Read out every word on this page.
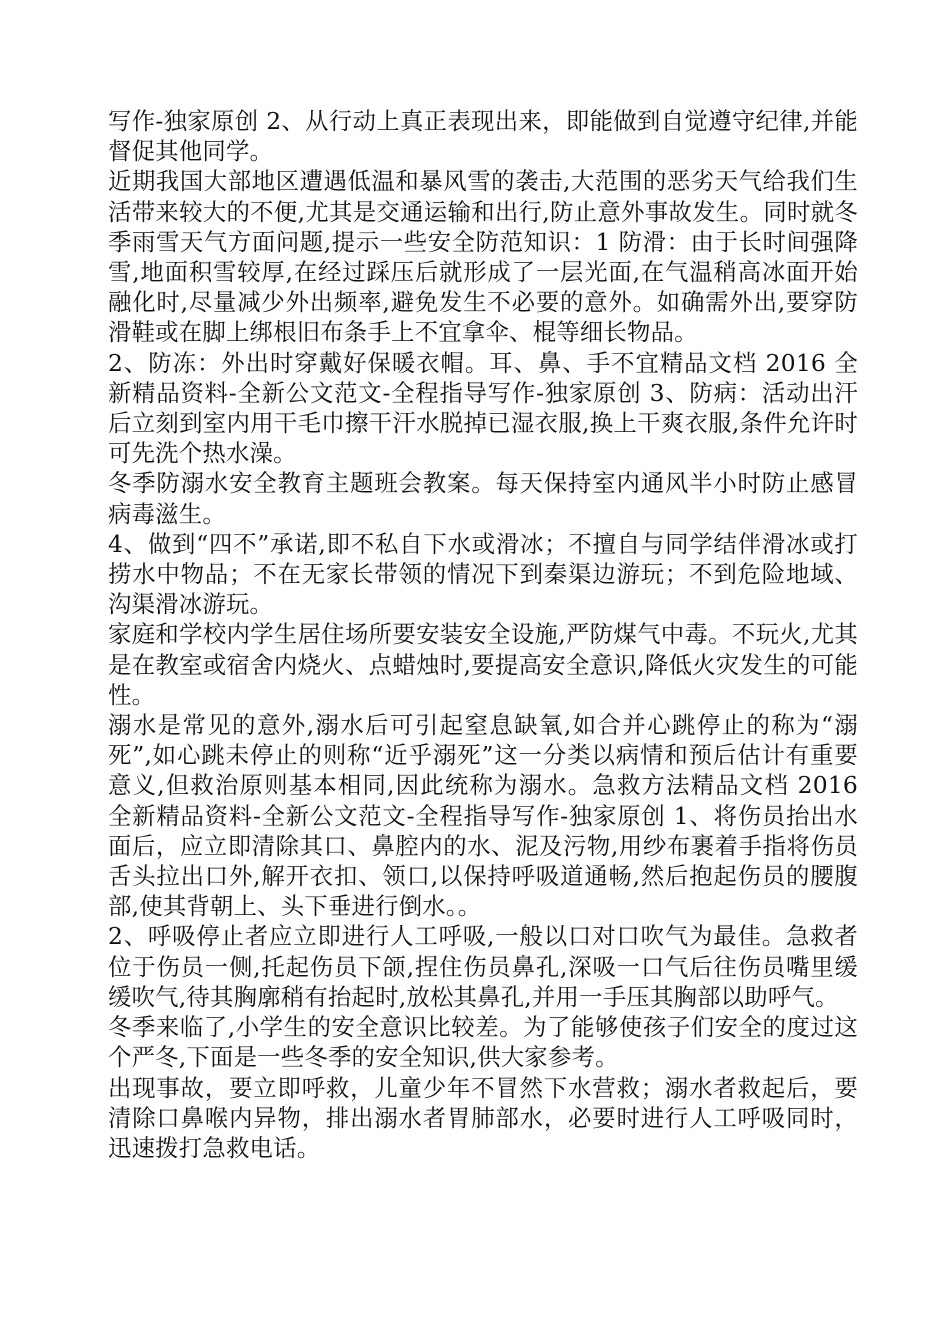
写作-独家原创 2、从行动上真正表现出来，即能做到自觉遵守纪律,并能督促其他同学。

近期我国大部地区遭遇低温和暴风雪的袭击,大范围的恶劣天气给我们生活带来较大的不便,尤其是交通运输和出行,防止意外事故发生。同时就冬季雨雪天气方面问题,提示一些安全防范知识：1 防滑：由于长时间强降雪,地面积雪较厚,在经过踩压后就形成了一层光面,在气温稍高冰面开始融化时,尽量减少外出频率,避免发生不必要的意外。如确需外出,要穿防滑鞋或在脚上绑根旧布条手上不宜拿伞、棍等细长物品。

2、防冻：外出时穿戴好保暖衣帽。耳、鼻、手不宜精品文档 2016 全新精品资料-全新公文范文-全程指导写作-独家原创 3、防病：活动出汗后立刻到室内用干毛巾擦干汗水脱掉已湿衣服,换上干爽衣服,条件允许时可先洗个热水澡。

冬季防溺水安全教育主题班会教案。每天保持室内通风半小时防止感冒病毒滋生。

4、做到“四不”承诺,即不私自下水或滑冰；不擅自与同学结伴滑冰或打捞水中物品；不在无家长带领的情况下到秦渠边游玩；不到危险地域、沟渠滑冰游玩。

家庭和学校内学生居住场所要安装安全设施,严防煤气中毒。不玩火,尤其是在教室或宿舍内烧火、点蜡烛时,要提高安全意识,降低火灾发生的可能性。

溺水是常见的意外,溺水后可引起窒息缺氧,如合并心跳停止的称为“溺死”,如心跳未停止的则称“近乎溺死”这一分类以病情和预后估计有重要意义,但救治原则基本相同,因此统称为溺水。急救方法精品文档 2016 全新精品资料-全新公文范文-全程指导写作-独家原创 1、将伤员抬出水面后，应立即清除其口、鼻腔内的水、泥及污物,用纱布裹着手指将伤员舌头拉出口外,解开衣扣、领口,以保持呼吸道通畅,然后抱起伤员的腰腹部,使其背朝上、头下垂进行倒水。。

2、呼吸停止者应立即进行人工呼吸,一般以口对口吹气为最佳。急救者位于伤员一侧,托起伤员下颌,捏住伤员鼻孔,深吸一口气后往伤员嘴里缓缓吹气,待其胸廓稍有抬起时,放松其鼻孔,并用一手压其胸部以助呼气。

冬季来临了,小学生的安全意识比较差。为了能够使孩子们安全的度过这个严冬,下面是一些冬季的安全知识,供大家参考。

出现事故，要立即呼救，儿童少年不冒然下水营救；溺水者救起后，要清除口鼻喉内异物，排出溺水者胃肺部水，必要时进行人工呼吸同时，迅速拨打急救电话。
